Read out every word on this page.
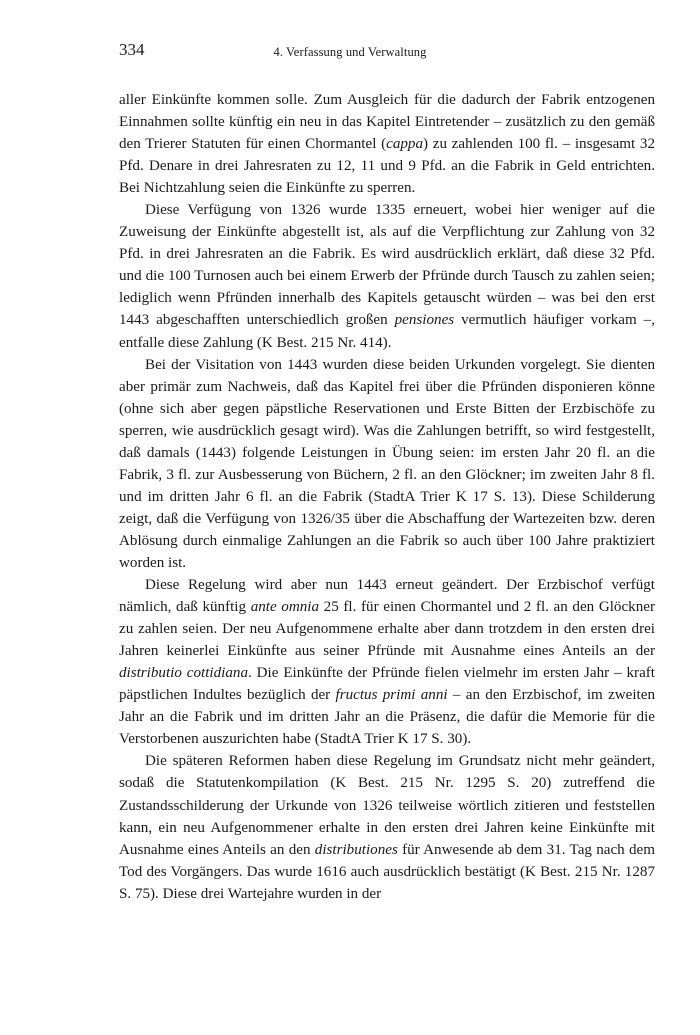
334	4. Verfassung und Verwaltung

aller Einkünfte kommen solle. Zum Ausgleich für die dadurch der Fabrik entzogenen Einnahmen sollte künftig ein neu in das Kapitel Eintretender – zusätzlich zu den gemäß den Trierer Statuten für einen Chormantel (cappa) zu zahlenden 100 fl. – insgesamt 32 Pfd. Denare in drei Jahresraten zu 12, 11 und 9 Pfd. an die Fabrik in Geld entrichten. Bei Nichtzahlung seien die Einkünfte zu sperren.

Diese Verfügung von 1326 wurde 1335 erneuert, wobei hier weniger auf die Zuweisung der Einkünfte abgestellt ist, als auf die Verpflichtung zur Zahlung von 32 Pfd. in drei Jahresraten an die Fabrik. Es wird ausdrücklich erklärt, daß diese 32 Pfd. und die 100 Turnosen auch bei einem Erwerb der Pfründe durch Tausch zu zahlen seien; lediglich wenn Pfründen innerhalb des Kapitels getauscht würden – was bei den erst 1443 abgeschafften unterschiedlich großen pensiones vermutlich häufiger vorkam –, entfalle diese Zahlung (K Best. 215 Nr. 414).

Bei der Visitation von 1443 wurden diese beiden Urkunden vorgelegt. Sie dienten aber primär zum Nachweis, daß das Kapitel frei über die Pfründen disponieren könne (ohne sich aber gegen päpstliche Reservationen und Erste Bitten der Erzbischöfe zu sperren, wie ausdrücklich gesagt wird). Was die Zahlungen betrifft, so wird festgestellt, daß damals (1443) folgende Leistungen in Übung seien: im ersten Jahr 20 fl. an die Fabrik, 3 fl. zur Ausbesserung von Büchern, 2 fl. an den Glöckner; im zweiten Jahr 8 fl. und im dritten Jahr 6 fl. an die Fabrik (StadtA Trier K 17 S. 13). Diese Schilderung zeigt, daß die Verfügung von 1326/35 über die Abschaffung der Wartezeiten bzw. deren Ablösung durch einmalige Zahlungen an die Fabrik so auch über 100 Jahre praktiziert worden ist.

Diese Regelung wird aber nun 1443 erneut geändert. Der Erzbischof verfügt nämlich, daß künftig ante omnia 25 fl. für einen Chormantel und 2 fl. an den Glöckner zu zahlen seien. Der neu Aufgenommene erhalte aber dann trotzdem in den ersten drei Jahren keinerlei Einkünfte aus seiner Pfründe mit Ausnahme eines Anteils an der distributio cottidiana. Die Einkünfte der Pfründe fielen vielmehr im ersten Jahr – kraft päpstlichen Indultes bezüglich der fructus primi anni – an den Erzbischof, im zweiten Jahr an die Fabrik und im dritten Jahr an die Präsenz, die dafür die Memorie für die Verstorbenen auszurichten habe (StadtA Trier K 17 S. 30).

Die späteren Reformen haben diese Regelung im Grundsatz nicht mehr geändert, sodaß die Statutenkompilation (K Best. 215 Nr. 1295 S. 20) zutreffend die Zustandsschilderung der Urkunde von 1326 teilweise wörtlich zitieren und feststellen kann, ein neu Aufgenommener erhalte in den ersten drei Jahren keine Einkünfte mit Ausnahme eines Anteils an den distributiones für Anwesende ab dem 31. Tag nach dem Tod des Vorgängers. Das wurde 1616 auch ausdrücklich bestätigt (K Best. 215 Nr. 1287 S. 75). Diese drei Wartejahre wurden in der
